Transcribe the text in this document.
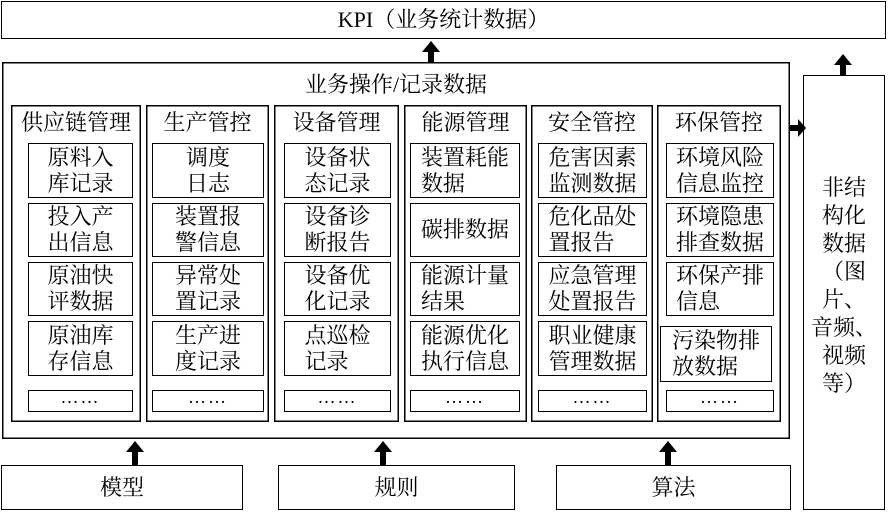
KPI（业务统计数据）
业务操作/记录数据
供应链管理
原料入
库记录
投入产
出信息
原油快
评数据
原油库
存信息
……
生产管控
调度
日志
装置报
警信息
异常处
置记录
生产进
度记录
……
设备管理
设备状
态记录
设备诊
断报告
设备优
化记录
点巡检
记录
……
能源管理
装置耗能
数据
碳排数据
能源计量
结果
能源优化
执行信息
……
安全管控
危害因素
监测数据
危化品处
置报告
应急管理
处置报告
职业健康
管理数据
……
环保管控
环境风险
信息监控
环境隐患
排查数据
环保产排
信息
污染物排
放数据
……
非结
构化
数据
（图
片、
音频、
视频
等）
模型	规则	算法
